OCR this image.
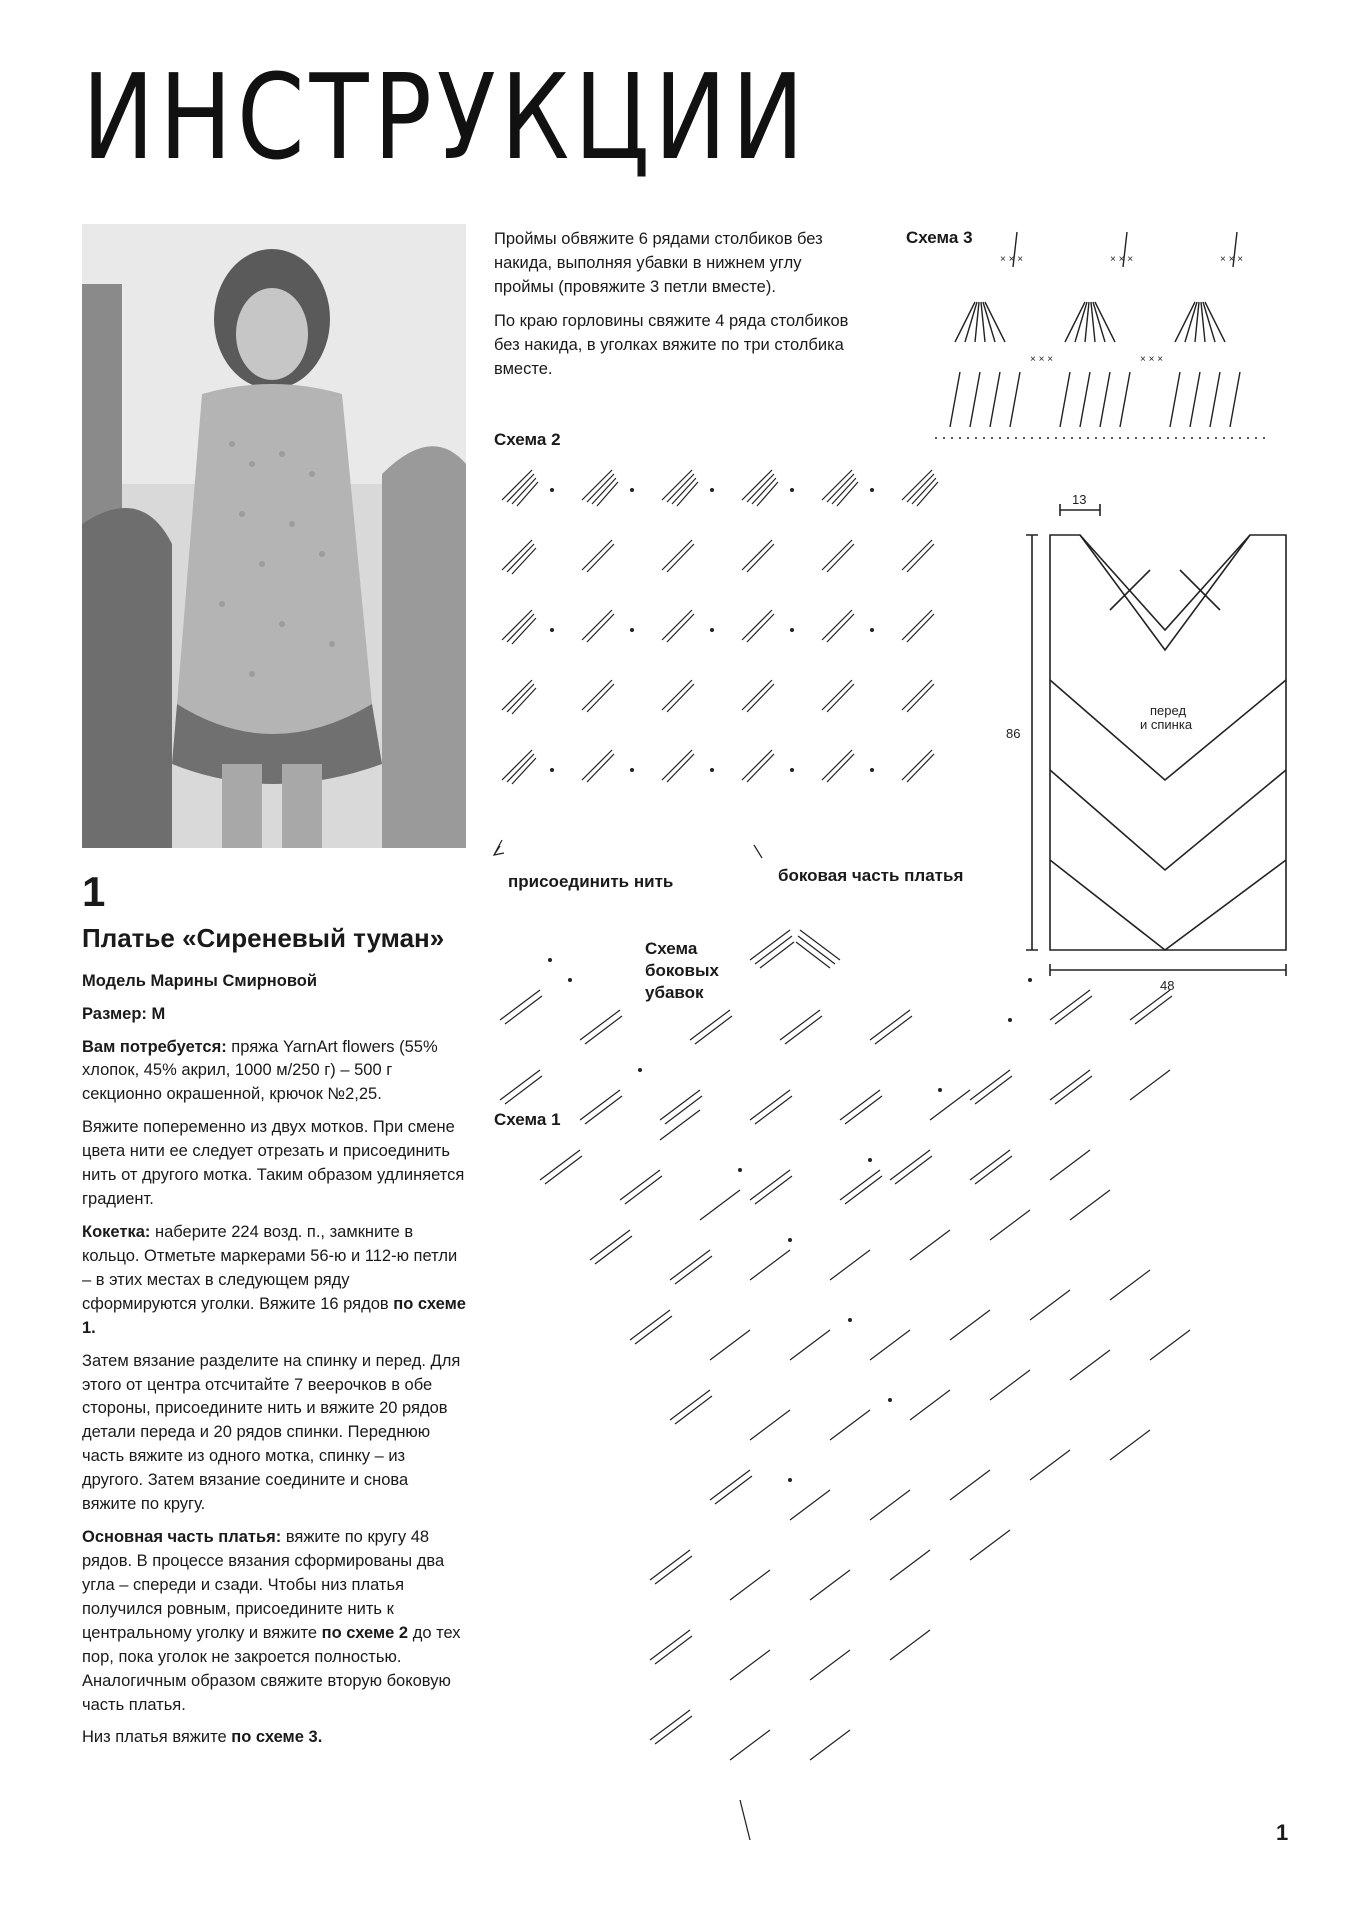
ИНСТРУКЦИИ
1

Платье «Сиреневый туман»

Модель Марины Смирновой

Размер: М

Вам потребуется: пряжа YarnArt flowers (55% хлопок, 45% акрил, 1000 м/250 г) – 500 г секционно окрашенной, крючок №2,25.

Вяжите попеременно из двух мотков. При смене цвета нити ее следует отрезать и присоединить нить от другого мотка. Таким образом удлиняется градиент.

Кокетка: наберите 224 возд. п., замкните в кольцо. Отметьте маркерами 56-ю и 112-ю петли – в этих местах в следующем ряду сформируются уголки. Вяжите 16 рядов по схеме 1.

Затем вязание разделите на спинку и перед. Для этого от центра отсчитайте 7 веерочков в обе стороны, присоедините нить и вяжите 20 рядов детали переда и 20 рядов спинки. Переднюю часть вяжите из одного мотка, спинку – из другого. Затем вязание соедините и снова вяжите по кругу.

Основная часть платья: вяжите по кругу 48 рядов. В процессе вязания сформированы два угла – спереди и сзади. Чтобы низ платья получился ровным, присоедините нить к центральному уголку и вяжите по схеме 2 до тех пор, пока уголок не закроется полностью. Аналогичным образом свяжите вторую боковую часть платья.

Низ платья вяжите по схеме 3.

Проймы обвяжите 6 рядами столбиков без накида, выполняя убавки в нижнем углу проймы (провяжите 3 петли вместе).

По краю горловины свяжите 4 ряда столбиков без накида, в уголках вяжите по три столбика вместе.

Схема 3
Схема 2
Схема
боковых
убавок
Схема 1
присоединить нить	боковая часть платья
× × ×	× × ×	× × ×
× × ×	× × ×
13
86
48
перед
и спинка
1
